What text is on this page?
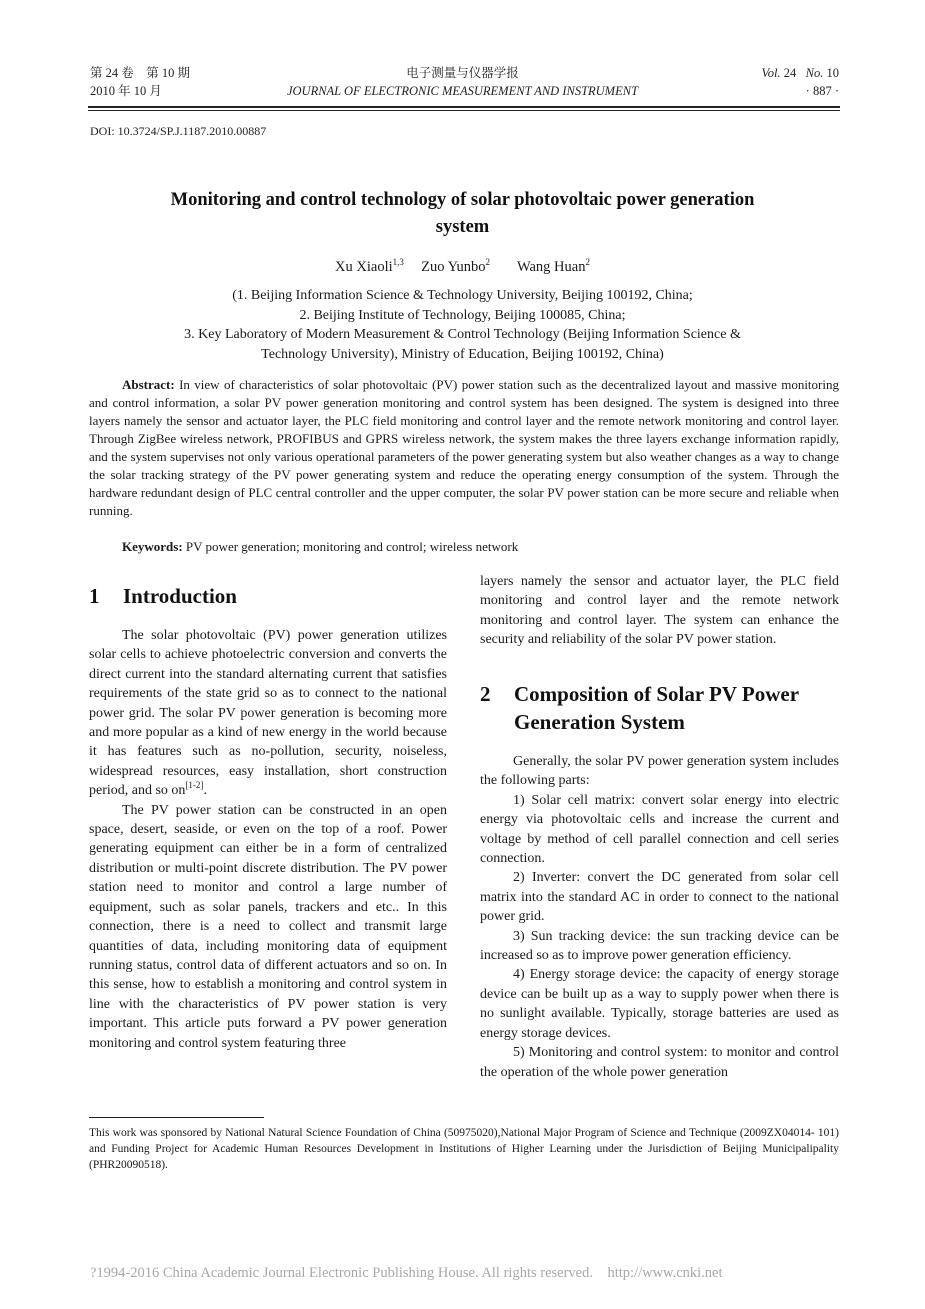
第 24 卷　第 10 期
2010 年 10 月
电子测量与仪器学报
JOURNAL OF ELECTRONIC MEASUREMENT AND INSTRUMENT
Vol. 24 No. 10
· 887 ·
DOI: 10.3724/SP.J.1187.2010.00887
Monitoring and control technology of solar photovoltaic power generation system
Xu Xiaoli$^{1,3}$ Zuo Yunbo$^2$ Wang Huan$^2$
(1. Beijing Information Science & Technology University, Beijing 100192, China;
2. Beijing Institute of Technology, Beijing 100085, China;
3. Key Laboratory of Modern Measurement & Control Technology (Beijing Information Science & Technology University), Ministry of Education, Beijing 100192, China)
Abstract: In view of characteristics of solar photovoltaic (PV) power station such as the decentralized layout and massive monitoring and control information, a solar PV power generation monitoring and control system has been designed. The system is designed into three layers namely the sensor and actuator layer, the PLC field monitoring and control layer and the remote network monitoring and control layer. Through ZigBee wireless network, PROFIBUS and GPRS wireless network, the system makes the three layers exchange information rapidly, and the system supervises not only various operational parameters of the power generating system but also weather changes as a way to change the solar tracking strategy of the PV power generating system and reduce the operating energy consumption of the system. Through the hardware redundant design of PLC central controller and the upper computer, the solar PV power station can be more secure and reliable when running.
Keywords: PV power generation; monitoring and control; wireless network
1	Introduction

The solar photovoltaic (PV) power generation utilizes solar cells to achieve photoelectric conversion and converts the direct current into the standard alternating current that satisfies requirements of the state grid so as to connect to the national power grid. The solar PV power generation is becoming more and more popular as a kind of new energy in the world because it has features such as no-pollution, security, noiseless, widespread resources, easy installation, short construction period, and so on[1-2].

The PV power station can be constructed in an open space, desert, seaside, or even on the top of a roof. Power generating equipment can either be in a form of centralized distribution or multi-point discrete distribution. The PV power station need to monitor and control a large number of equipment, such as solar panels, trackers and etc.. In this connection, there is a need to collect and transmit large quantities of data, including monitoring data of equipment running status, control data of different actuators and so on. In this sense, how to establish a monitoring and control system in line with the characteristics of PV power station is very important. This article puts forward a PV power generation monitoring and control system featuring three

layers namely the sensor and actuator layer, the PLC field monitoring and control layer and the remote network monitoring and control layer. The system can enhance the security and reliability of the solar PV power station.

2	Composition of Solar PV Power Generation System

Generally, the solar PV power generation system includes the following parts:

1) Solar cell matrix: convert solar energy into electric energy via photovoltaic cells and increase the current and voltage by method of cell parallel connection and cell series connection.

2) Inverter: convert the DC generated from solar cell matrix into the standard AC in order to connect to the national power grid.

3) Sun tracking device: the sun tracking device can be increased so as to improve power generation efficiency.

4) Energy storage device: the capacity of energy storage device can be built up as a way to supply power when there is no sunlight available. Typically, storage batteries are used as energy storage devices.

5) Monitoring and control system: to monitor and control the operation of the whole power generation

This work was sponsored by National Natural Science Foundation of China (50975020),National Major Program of Science and Technique (2009ZX04014- 101) and Funding Project for Academic Human Resources Development in Institutions of Higher Learning under the Jurisdiction of Beijing Municipalipality (PHR20090518).
?1994-2016 China Academic Journal Electronic Publishing House. All rights reserved.    http://www.cnki.net
